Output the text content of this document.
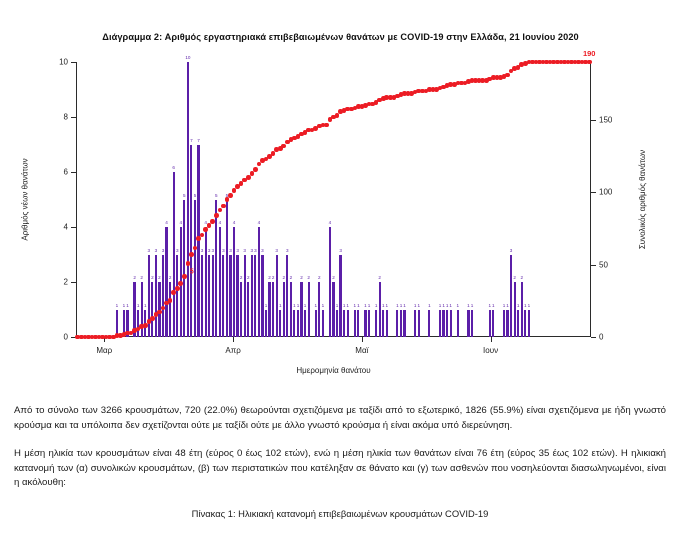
Διάγραμμα 2: Αριθμός εργαστηριακά επιβεβαιωμένων θανάτων με COVID-19 στην Ελλάδα, 21 Ιουνίου 2020
Αριθμός νέων θανάτων	Συνολικός αριθμός θανάτων
Ημερομηνία θανάτου
0
2
4
6
8
10
0
50
100
150
Μαρ	Απρ	Μαϊ	Ιουν
1 1 1
2
1
2
1
3
2
3
2
3
4
2
6
3
4
5
10
7
5
7
3
4
3 3
5
4
3
5
3
4
3
2
3
2
3 3
4
3
1
2 2
3
1
2
3
2
1 1
2
1
2
1
2
1
4
2
1
3
1 1 1 1 1 1 1
2
1 1 1 1 1 1 1 1 1 1 1 1 1 1 1	1 1 1 1
3
2
1
2
1 1
190
5

Από το σύνολο των 3266 κρουσμάτων, 720 (22.0%) θεωρούνται σχετιζόμενα με ταξίδι από το εξωτερικό, 1826 (55.9%) είναι σχετιζόμενα με ήδη γνωστό κρούσμα και τα υπόλοιπα δεν σχετίζονται ούτε με ταξίδι ούτε με άλλο γνωστό κρούσμα ή είναι ακόμα υπό διερεύνηση.

Η μέση ηλικία των κρουσμάτων είναι 48 έτη (εύρος 0 έως 102 ετών), ενώ η μέση ηλικία των θανάτων είναι 76 έτη (εύρος 35 έως 102 ετών). Η ηλικιακή κατανομή των (α) συνολικών κρουσμάτων, (β) των περιστατικών που κατέληξαν σε θάνατο και (γ) των ασθενών που νοσηλεύονται διασωληνωμένοι, είναι η ακόλουθη:

Πίνακας 1: Ηλικιακή κατανομή επιβεβαιωμένων κρουσμάτων COVID-19
